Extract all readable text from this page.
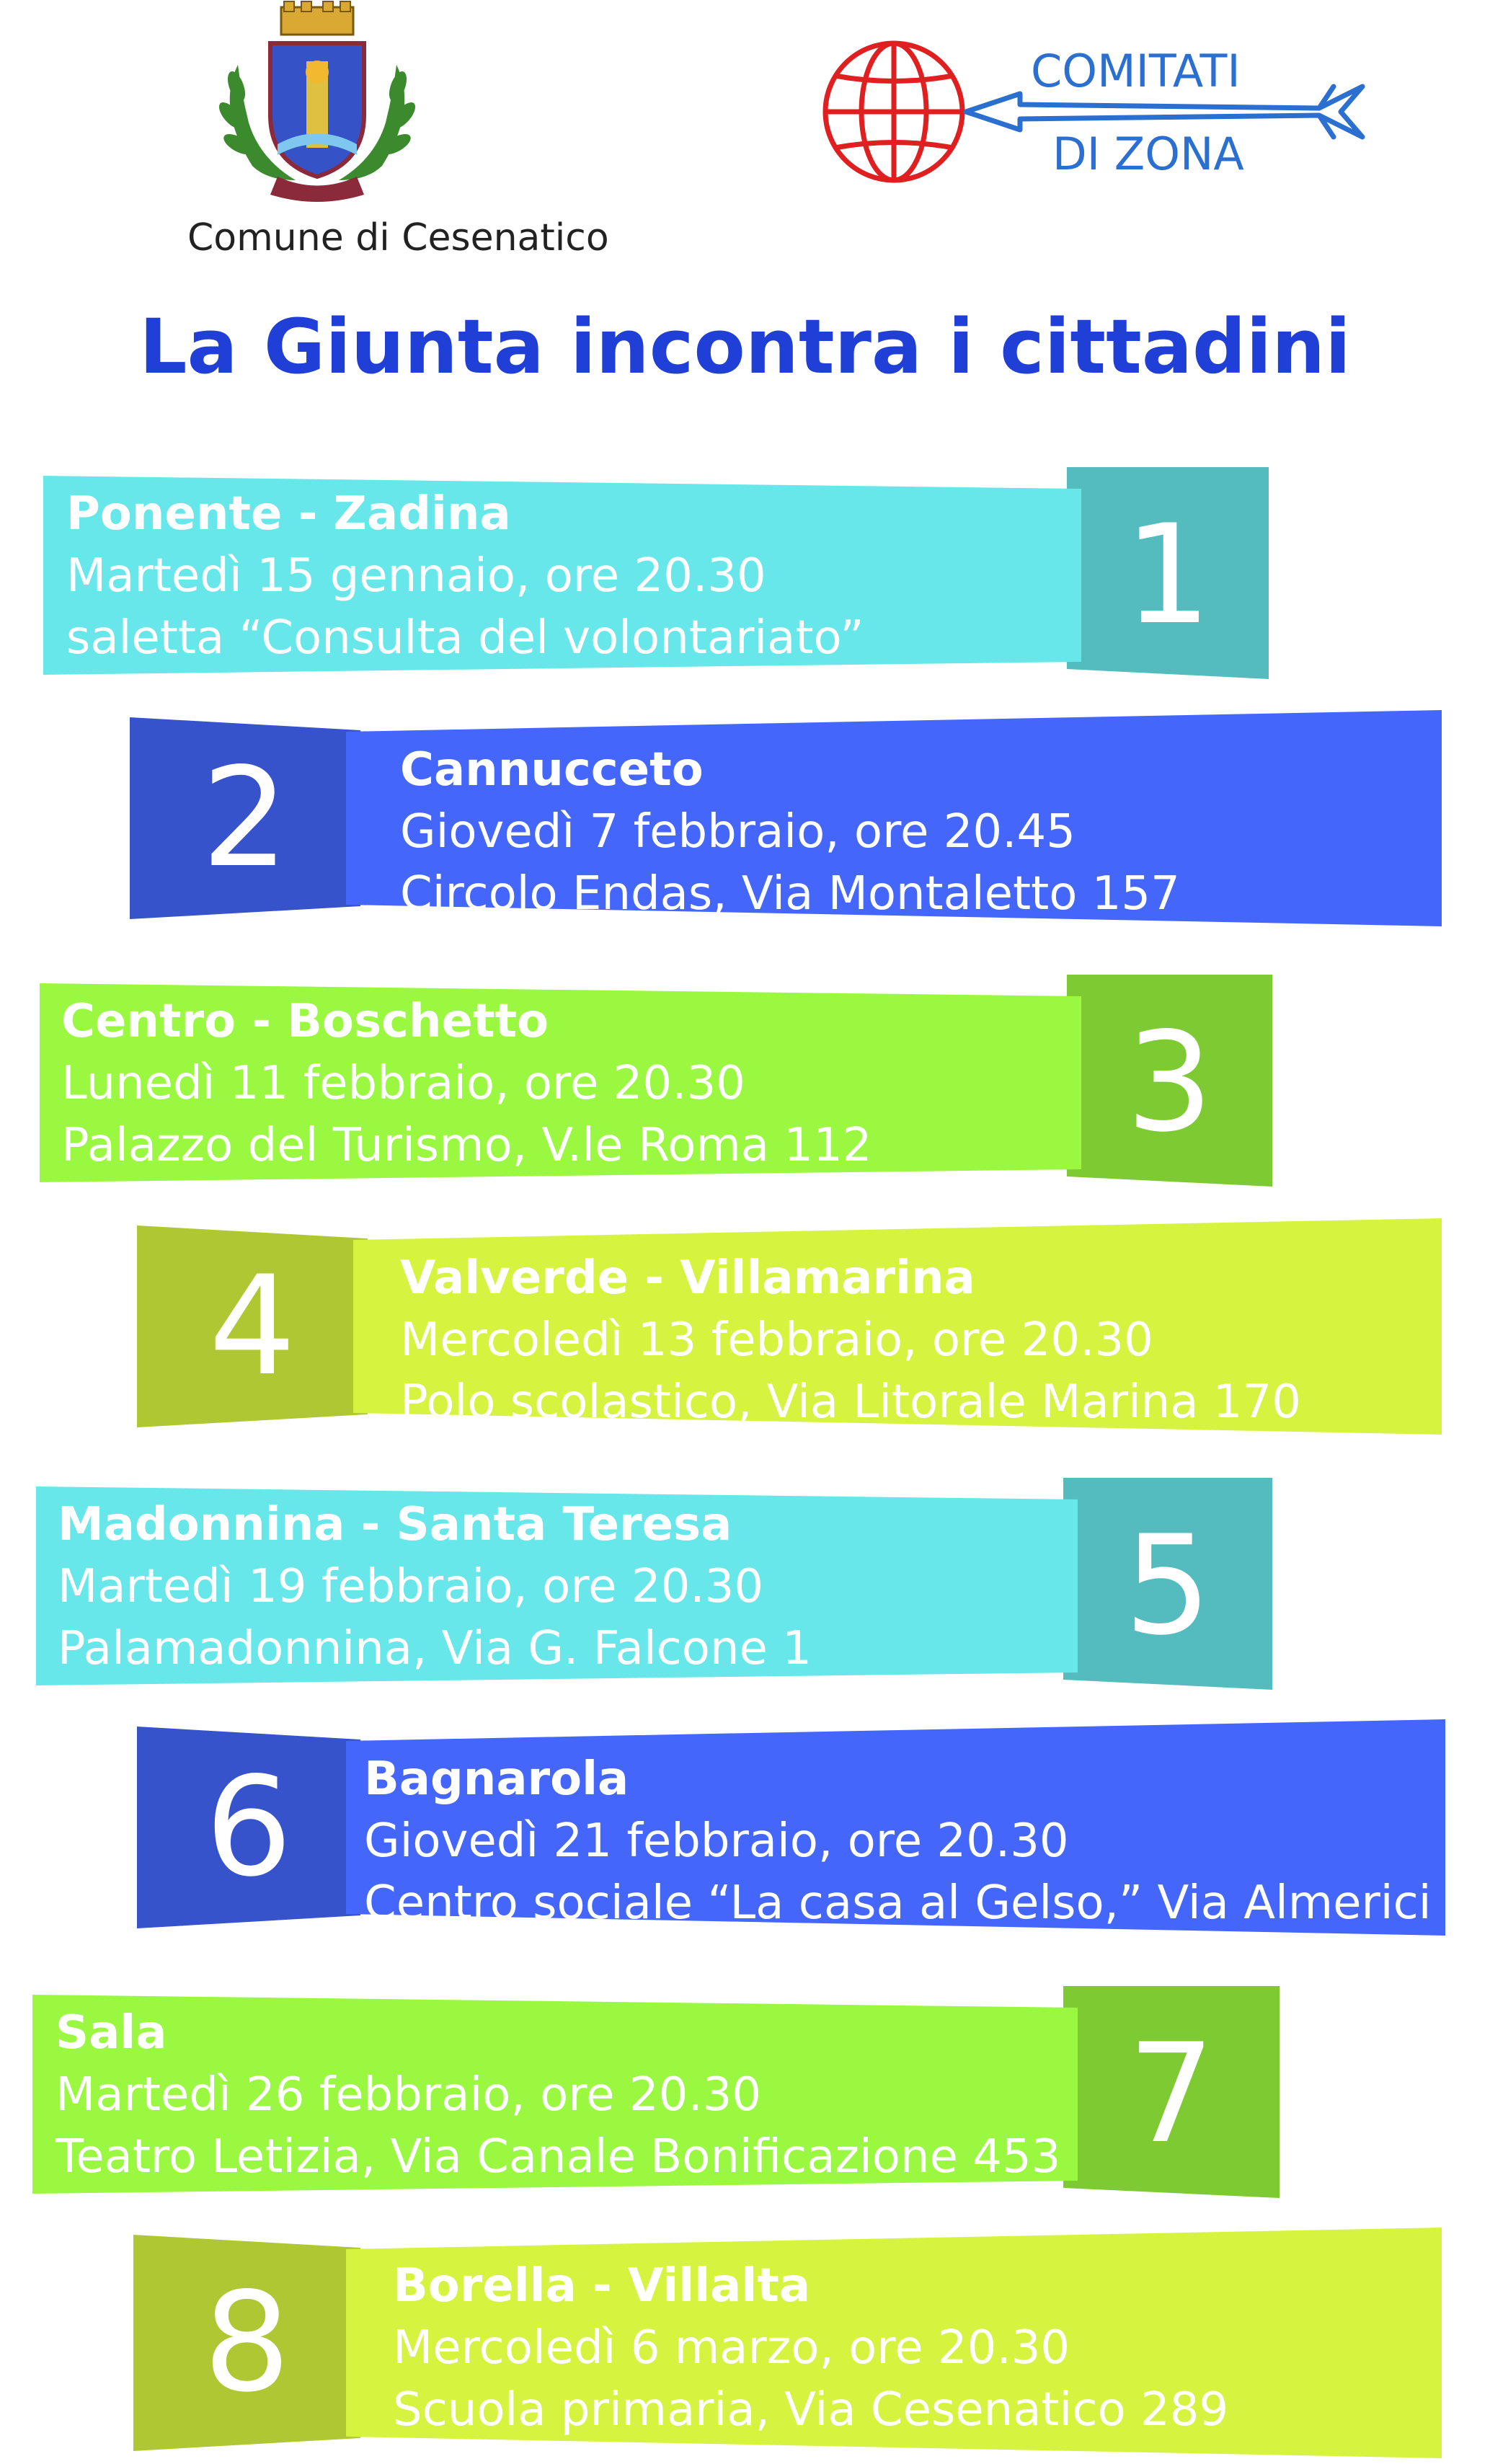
Comune di Cesenatico
COMITATI
DI ZONA
La Giunta incontra i cittadini
1
Ponente - Zadina
Martedì 15 gennaio, ore 20.30
saletta “Consulta del volontariato”
2	Cannucceto
Giovedì 7 febbraio, ore 20.45
Circolo Endas, Via Montaletto 157
3
Centro - Boschetto
Lunedì 11 febbraio, ore 20.30
Palazzo del Turismo, V.le Roma 112
4	Valverde - Villamarina
Mercoledì 13 febbraio, ore 20.30
Polo scolastico, Via Litorale Marina 170
5
Madonnina - Santa Teresa
Martedì 19 febbraio, ore 20.30
Palamadonnina, Via G. Falcone 1
6	Bagnarola
Giovedì 21 febbraio, ore 20.30
Centro sociale “La casa al Gelso,” Via Almerici 8
7
Sala
Martedì 26 febbraio, ore 20.30
Teatro Letizia, Via Canale Bonificazione 453
8	Borella - Villalta
Mercoledì 6 marzo, ore 20.30
Scuola primaria, Via Cesenatico 289
